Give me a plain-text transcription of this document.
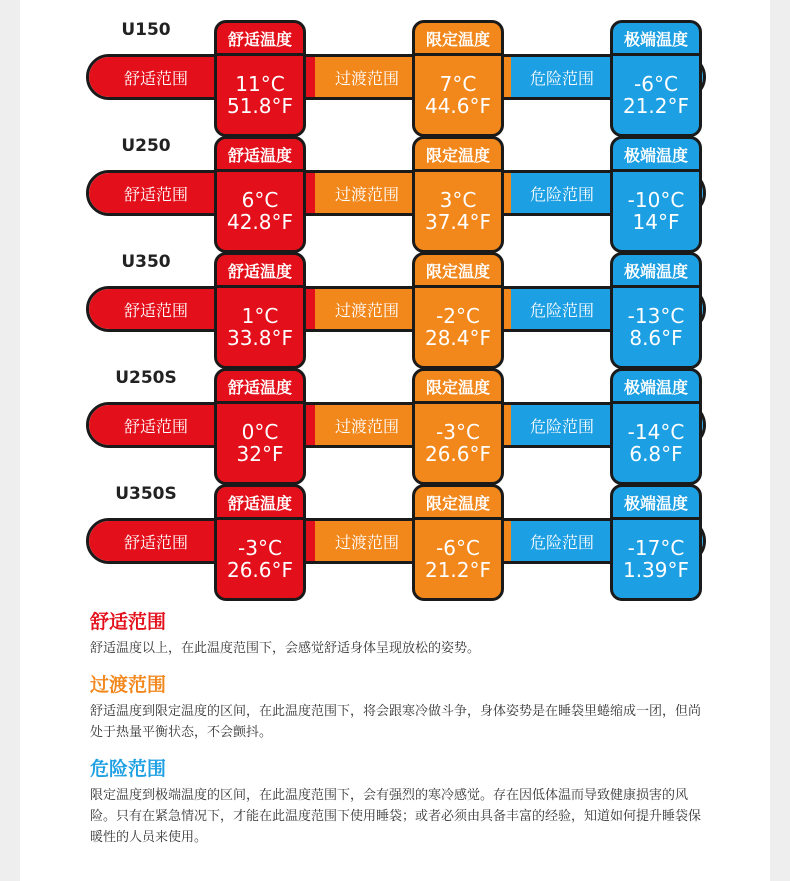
U150
舒适范围	过渡范围	危险范围
舒适温度
11°C
51.8°F
限定温度
7°C
44.6°F
极端温度
-6°C
21.2°F
U250
舒适范围	过渡范围	危险范围
舒适温度
6°C
42.8°F
限定温度
3°C
37.4°F
极端温度
-10°C
14°F
U350
舒适范围	过渡范围	危险范围
舒适温度
1°C
33.8°F
限定温度
-2°C
28.4°F
极端温度
-13°C
8.6°F
U250S
舒适范围	过渡范围	危险范围
舒适温度
0°C
32°F
限定温度
-3°C
26.6°F
极端温度
-14°C
6.8°F
U350S
舒适范围	过渡范围	危险范围
舒适温度
-3°C
26.6°F
限定温度
-6°C
21.2°F
极端温度
-17°C
1.39°F
舒适范围

舒适温度以上，在此温度范围下，会感觉舒适身体呈现放松的姿势。

过渡范围

舒适温度到限定温度的区间，在此温度范围下，将会跟寒冷做斗争，身体姿势是在睡袋里蜷缩成一团，但尚处于热量平衡状态，不会颤抖。

危险范围

限定温度到极端温度的区间，在此温度范围下，会有强烈的寒冷感觉。存在因低体温而导致健康损害的风险。只有在紧急情况下，才能在此温度范围下使用睡袋；或者必须由具备丰富的经验，知道如何提升睡袋保暖性的人员来使用。
